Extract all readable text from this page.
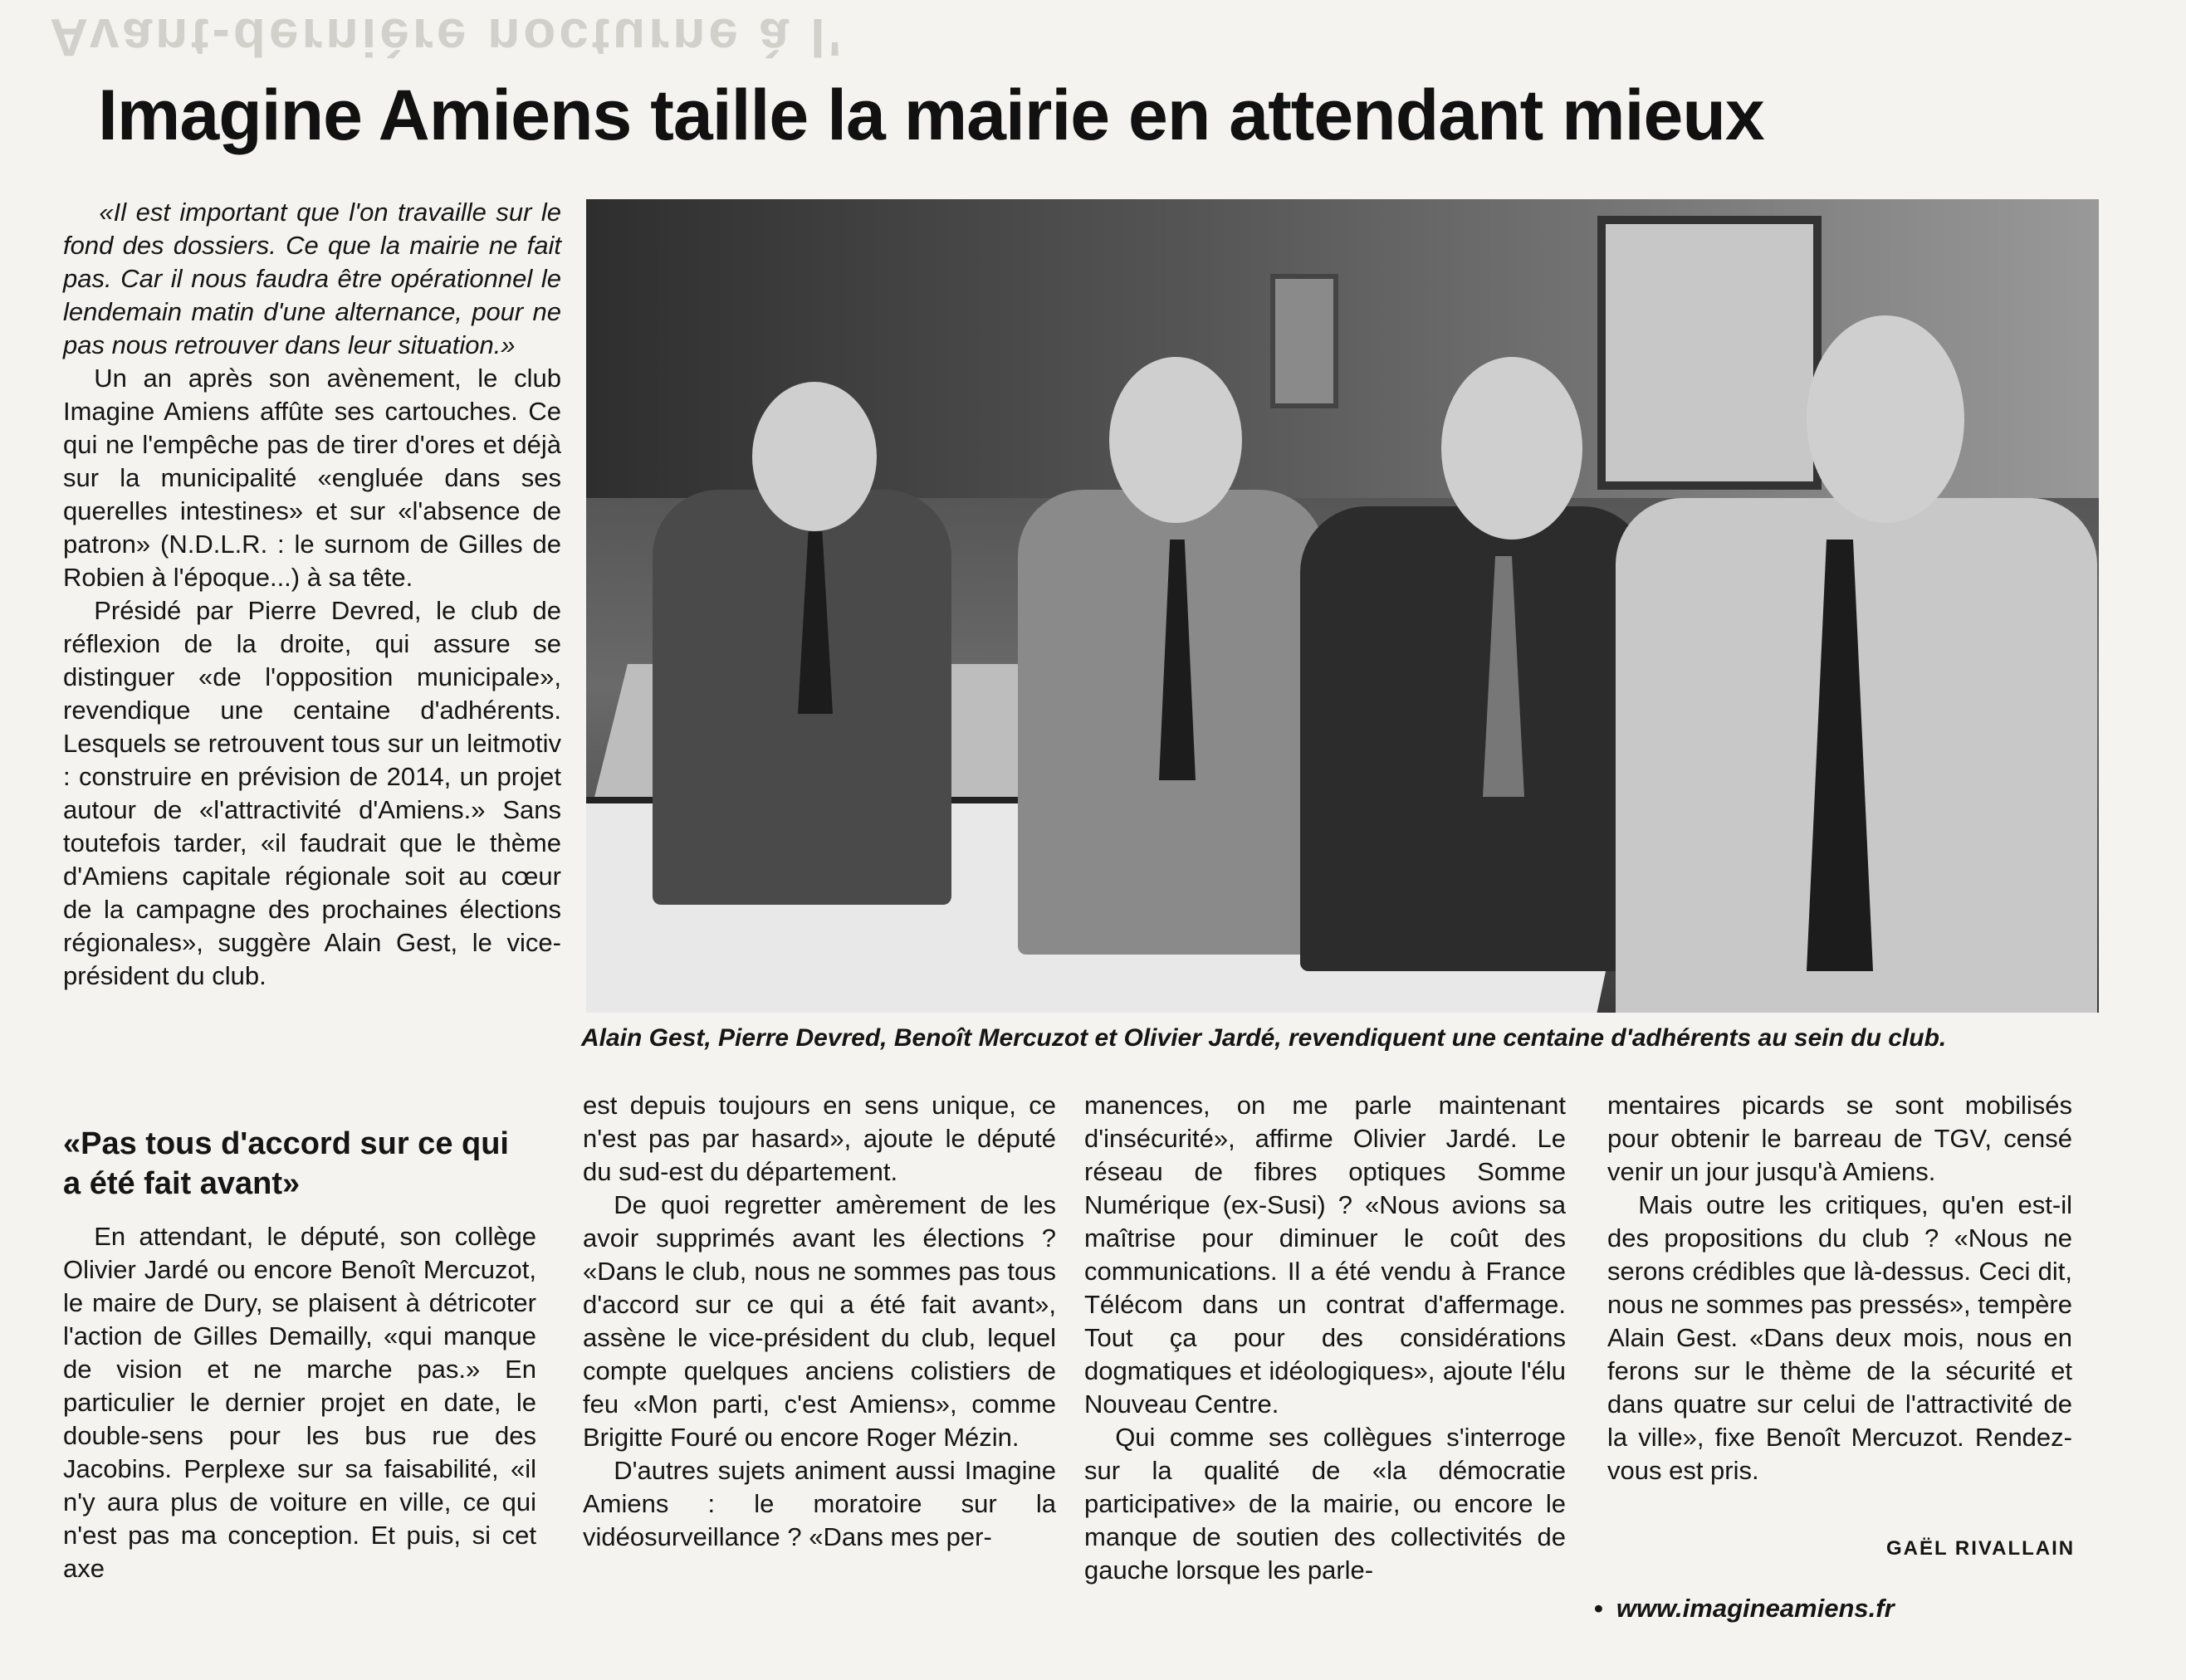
Avant-dernière nocturne à l'
Imagine Amiens taille la mairie en attendant mieux

«Il est important que l'on travaille sur le fond des dossiers. Ce que la mairie ne fait pas. Car il nous faudra être opérationnel le lendemain matin d'une alternance, pour ne pas nous retrouver dans leur situation.»

Un an après son avènement, le club Imagine Amiens affûte ses cartouches. Ce qui ne l'empêche pas de tirer d'ores et déjà sur la municipalité «engluée dans ses querelles intestines» et sur «l'absence de patron» (N.D.L.R. : le surnom de Gilles de Robien à l'époque...) à sa tête.

Présidé par Pierre Devred, le club de réflexion de la droite, qui assure se distinguer «de l'opposition municipale», revendique une centaine d'adhérents. Lesquels se retrouvent tous sur un leitmotiv : construire en prévision de 2014, un projet autour de «l'attractivité d'Amiens.» Sans toutefois tarder, «il faudrait que le thème d'Amiens capitale régionale soit au cœur de la campagne des prochaines élections régionales», suggère Alain Gest, le vice-président du club.

«Pas tous d'accord sur ce qui a été fait avant»

En attendant, le député, son collège Olivier Jardé ou encore Benoît Mercuzot, le maire de Dury, se plaisent à détricoter l'action de Gilles Demailly, «qui manque de vision et ne marche pas.» En particulier le dernier projet en date, le double-sens pour les bus rue des Jacobins. Perplexe sur sa faisabilité, «il n'y aura plus de voiture en ville, ce qui n'est pas ma conception. Et puis, si cet axe

Alain Gest, Pierre Devred, Benoît Mercuzot et Olivier Jardé, revendiquent une centaine d'adhérents au sein du club.

est depuis toujours en sens unique, ce n'est pas par hasard», ajoute le député du sud-est du département.

De quoi regretter amèrement de les avoir supprimés avant les élections ? «Dans le club, nous ne sommes pas tous d'accord sur ce qui a été fait avant», assène le vice-président du club, lequel compte quelques anciens colistiers de feu «Mon parti, c'est Amiens», comme Brigitte Fouré ou encore Roger Mézin.

D'autres sujets animent aussi Imagine Amiens : le moratoire sur la vidéosurveillance ? «Dans mes per-

manences, on me parle maintenant d'insécurité», affirme Olivier Jardé. Le réseau de fibres optiques Somme Numérique (ex-Susi) ? «Nous avions sa maîtrise pour diminuer le coût des communications. Il a été vendu à France Télécom dans un contrat d'affermage. Tout ça pour des considérations dogmatiques et idéologiques», ajoute l'élu Nouveau Centre.

Qui comme ses collègues s'interroge sur la qualité de «la démocratie participative» de la mairie, ou encore le manque de soutien des collectivités de gauche lorsque les parle-

mentaires picards se sont mobilisés pour obtenir le barreau de TGV, censé venir un jour jusqu'à Amiens.

Mais outre les critiques, qu'en est-il des propositions du club ? «Nous ne serons crédibles que là-dessus. Ceci dit, nous ne sommes pas pressés», tempère Alain Gest. «Dans deux mois, nous en ferons sur le thème de la sécurité et dans quatre sur celui de l'attractivité de la ville», fixe Benoît Mercuzot. Rendez-vous est pris.

GAËL RIVALLAIN
• www.imagineamiens.fr
